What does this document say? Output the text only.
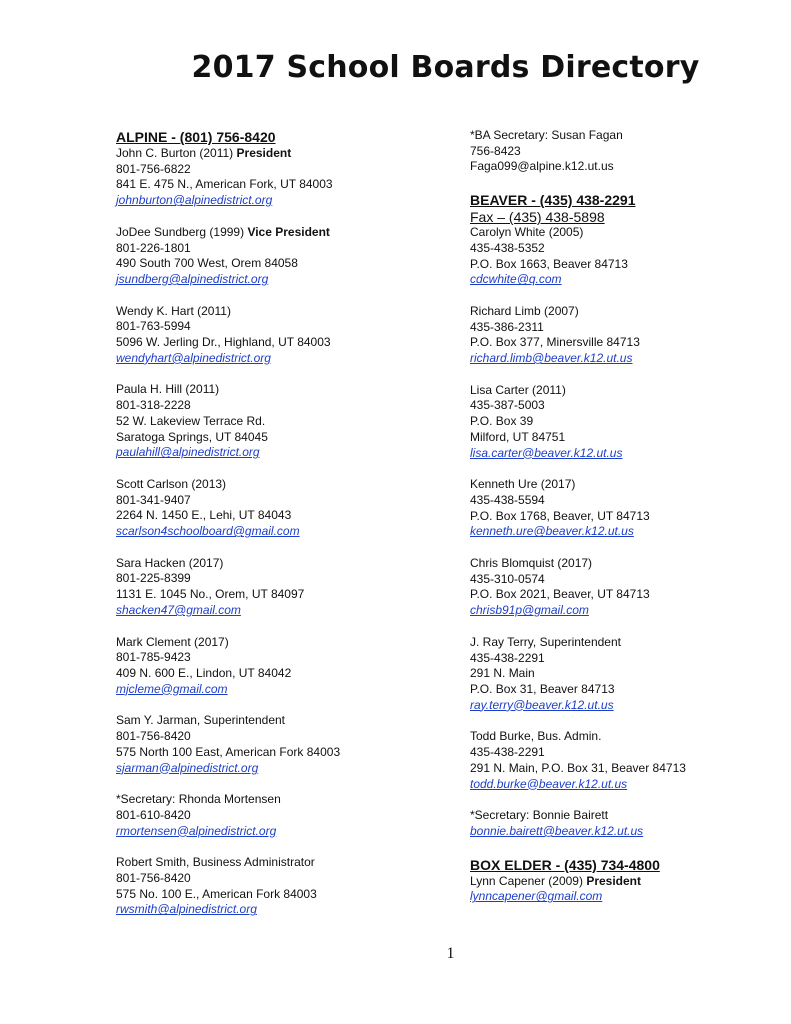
2017 School Boards Directory
ALPINE - (801) 756-8420
John C. Burton (2011) President
801-756-6822
841 E. 475 N., American Fork, UT 84003
johnburton@alpinedistrict.org
JoDee Sundberg (1999) Vice President
801-226-1801
490 South 700 West, Orem 84058
jsundberg@alpinedistrict.org
Wendy K. Hart (2011)
801-763-5994
5096 W. Jerling Dr., Highland, UT 84003
wendyhart@alpinedistrict.org
Paula H. Hill (2011)
801-318-2228
52 W. Lakeview Terrace Rd.
Saratoga Springs, UT 84045
paulahill@alpinedistrict.org
Scott Carlson (2013)
801-341-9407
2264 N. 1450 E., Lehi, UT 84043
scarlson4schoolboard@gmail.com
Sara Hacken (2017)
801-225-8399
1131 E. 1045 No., Orem, UT 84097
shacken47@gmail.com
Mark Clement (2017)
801-785-9423
409 N. 600 E., Lindon, UT 84042
mjcleme@gmail.com
Sam Y. Jarman, Superintendent
801-756-8420
575 North 100 East, American Fork 84003
sjarman@alpinedistrict.org
*Secretary: Rhonda Mortensen
801-610-8420
rmortensen@alpinedistrict.org
Robert Smith, Business Administrator
801-756-8420
575 No. 100 E., American Fork 84003
rwsmith@alpinedistrict.org
*BA Secretary: Susan Fagan
756-8423
Faga099@alpine.k12.ut.us
BEAVER - (435) 438-2291
Fax – (435) 438-5898
Carolyn White (2005)
435-438-5352
P.O. Box 1663, Beaver 84713
cdcwhite@q.com
Richard Limb (2007)
435-386-2311
P.O. Box 377, Minersville 84713
richard.limb@beaver.k12.ut.us
Lisa Carter (2011)
435-387-5003
P.O. Box 39
Milford, UT 84751
lisa.carter@beaver.k12.ut.us
Kenneth Ure (2017)
435-438-5594
P.O. Box 1768, Beaver, UT 84713
kenneth.ure@beaver.k12.ut.us
Chris Blomquist (2017)
435-310-0574
P.O. Box 2021, Beaver, UT 84713
chrisb91p@gmail.com
J. Ray Terry, Superintendent
435-438-2291
291 N. Main
P.O. Box 31, Beaver 84713
ray.terry@beaver.k12.ut.us
Todd Burke, Bus. Admin.
435-438-2291
291 N. Main, P.O. Box 31, Beaver 84713
todd.burke@beaver.k12.ut.us
*Secretary: Bonnie Bairett
bonnie.bairett@beaver.k12.ut.us
BOX ELDER - (435) 734-4800
Lynn Capener (2009) President
lynncapener@gmail.com
1
